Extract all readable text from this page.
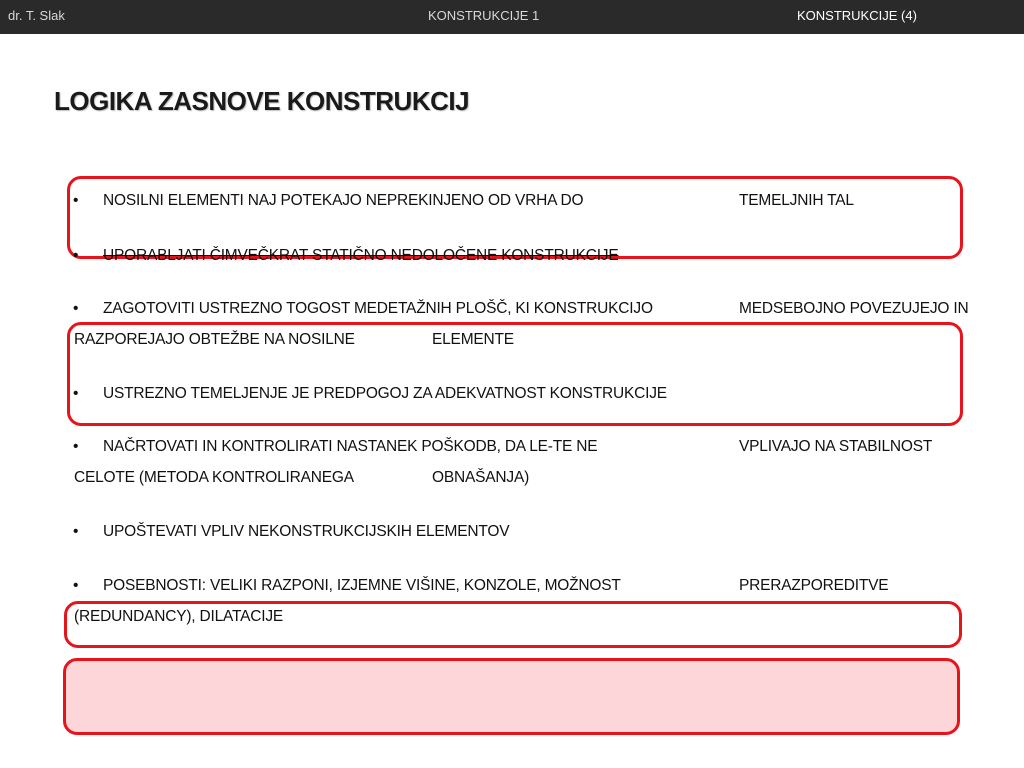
dr. T. Slak	KONSTRUKCIJE 1	KONSTRUKCIJE (4)
LOGIKA ZASNOVE KONSTRUKCIJ
• NOSILNI ELEMENTI NAJ POTEKAJO NEPREKINJENO OD VRHA DO	TEMELJNIH TAL
• UPORABLJATI ČIMVEČKRAT STATIČNO NEDOLOČENE KONSTRUKCIJE
• ZAGOTOVITI USTREZNO TOGOST MEDETAŽNIH PLOŠČ, KI KONSTRUKCIJO	MEDSEBOJNO POVEZUJEJO IN
RAZPOREJAJO OBTEŽBE NA NOSILNE	ELEMENTE
• USTREZNO TEMELJENJE JE PREDPOGOJ ZA ADEKVATNOST KONSTRUKCIJE
• NAČRTOVATI IN KONTROLIRATI NASTANEK POŠKODB, DA LE-TE NE	VPLIVAJO NA STABILNOST
CELOTE (METODA KONTROLIRANEGA	OBNAŠANJA)
• UPOŠTEVATI VPLIV NEKONSTRUKCIJSKIH ELEMENTOV
• POSEBNOSTI: VELIKI RAZPONI, IZJEMNE VIŠINE, KONZOLE, MOŽNOST	PRERAZPOREDITVE
(REDUNDANCY), DILATACIJE
